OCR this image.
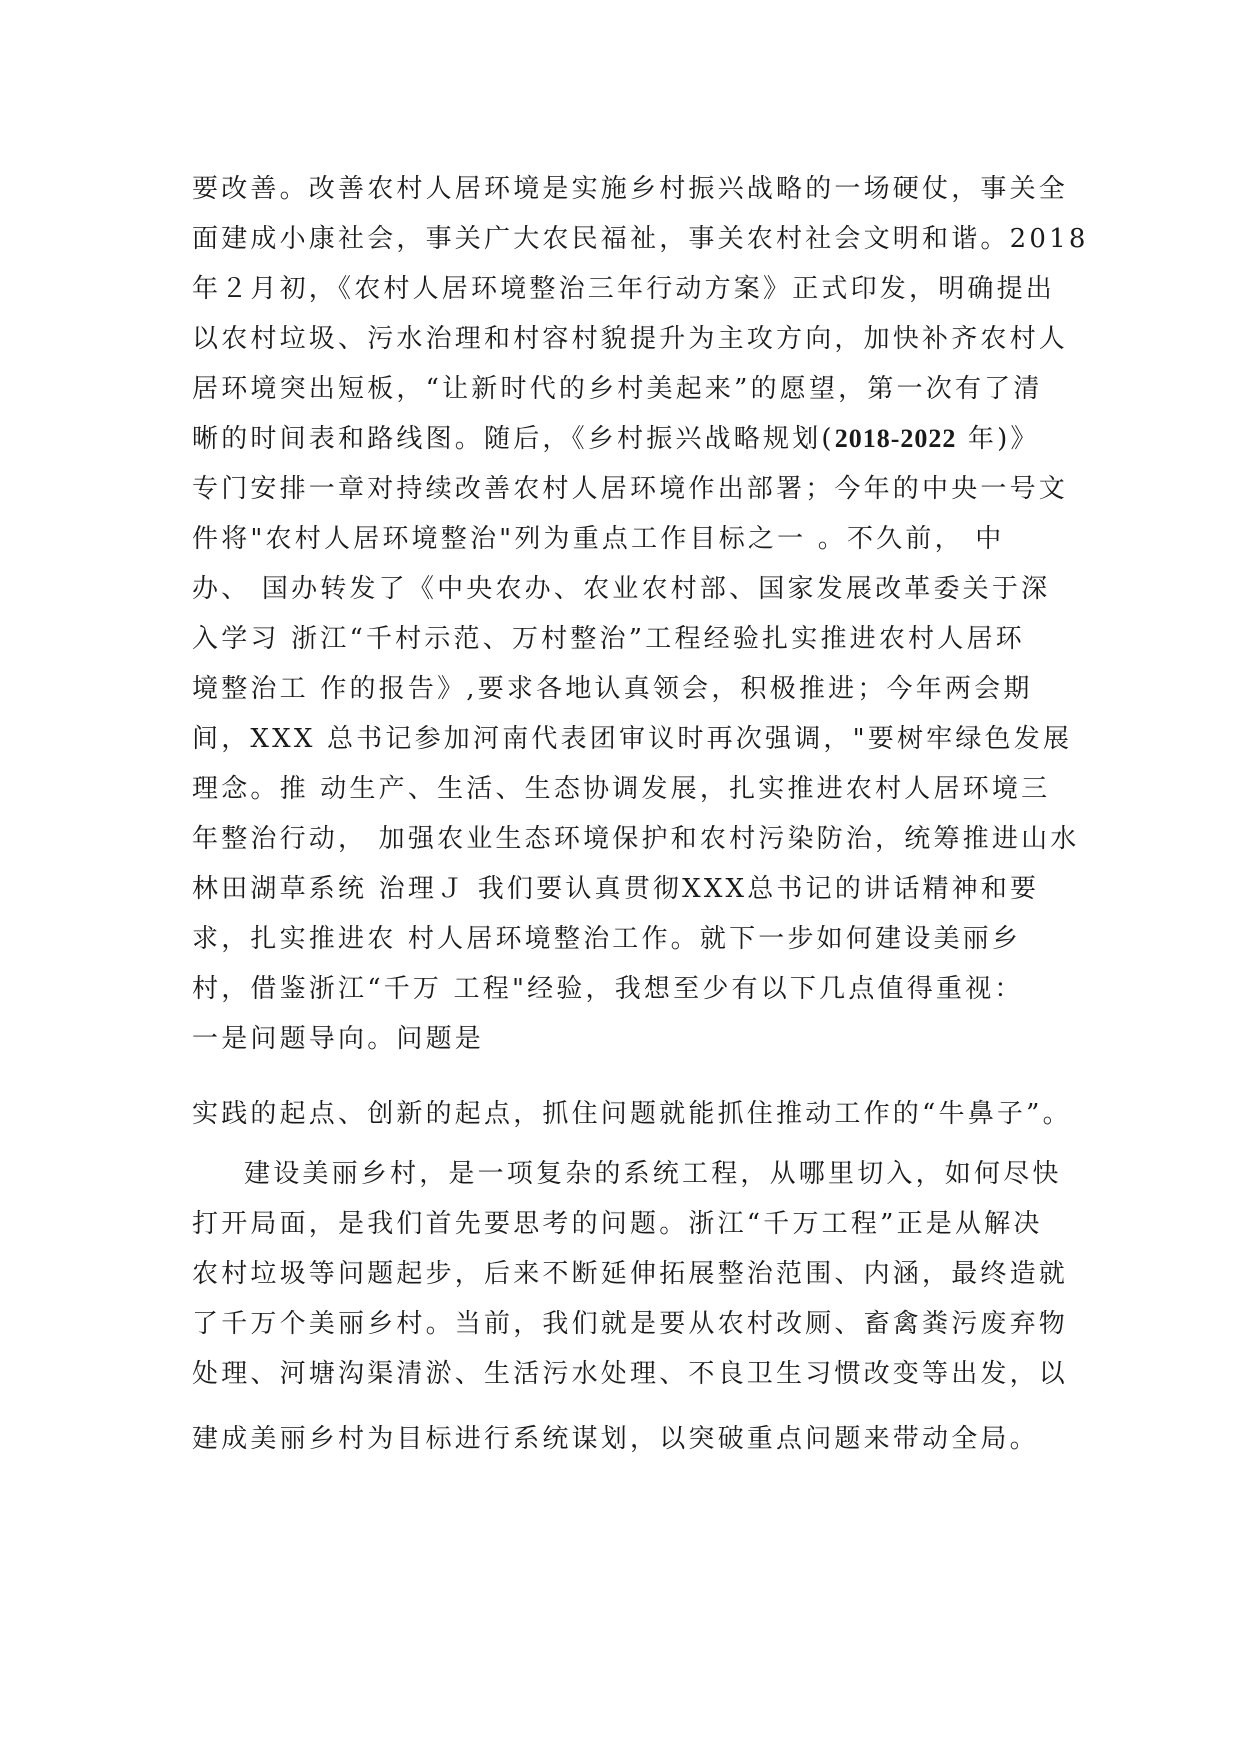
要改善。改善农村人居环境是实施乡村振兴战略的一场硬仗，事关全
面建成小康社会，事关广大农民福祉，事关农村社会文明和谐。2018
年２月初，《农村人居环境整治三年行动方案》正式印发，明确提出
以农村垃圾、污水治理和村容村貌提升为主攻方向，加快补齐农村人
居环境突出短板，“让新时代的乡村美起来”的愿望，第一次有了清
晰的时间表和路线图。随后，《乡村振兴战略规划(2018-2022 年)》
专门安排一章对持续改善农村人居环境作出部署；今年的中央一号文
件将"农村人居环境整治"列为重点工作目标之一 。不久前， 中
办、 国办转发了《中央农办、农业农村部、国家发展改革委关于深
入学习 浙江“千村示范、万村整治”工程经验扎实推进农村人居环
境整治工 作的报告》,要求各地认真领会，积极推进；今年两会期
间，XXX 总书记参加河南代表团审议时再次强调，"要树牢绿色发展
理念。推 动生产、生活、生态协调发展，扎实推进农村人居环境三
年整治行动， 加强农业生态环境保护和农村污染防治，统筹推进山水
林田湖草系统 治理Ｊ 我们要认真贯彻XXX总书记的讲话精神和要
求，扎实推进农 村人居环境整治工作。就下一步如何建设美丽乡
村，借鉴浙江“千万 工程"经验，我想至少有以下几点值得重视：
一是问题导向。问题是
实践的起点、创新的起点，抓住问题就能抓住推动工作的“牛鼻子”。
建设美丽乡村，是一项复杂的系统工程，从哪里切入，如何尽快
打开局面，是我们首先要思考的问题。浙江“千万工程”正是从解决
农村垃圾等问题起步，后来不断延伸拓展整治范围、内涵，最终造就
了千万个美丽乡村。当前，我们就是要从农村改厕、畜禽粪污废弃物
处理、河塘沟渠清淤、生活污水处理、不良卫生习惯改变等出发，以
建成美丽乡村为目标进行系统谋划，以突破重点问题来带动全局。
